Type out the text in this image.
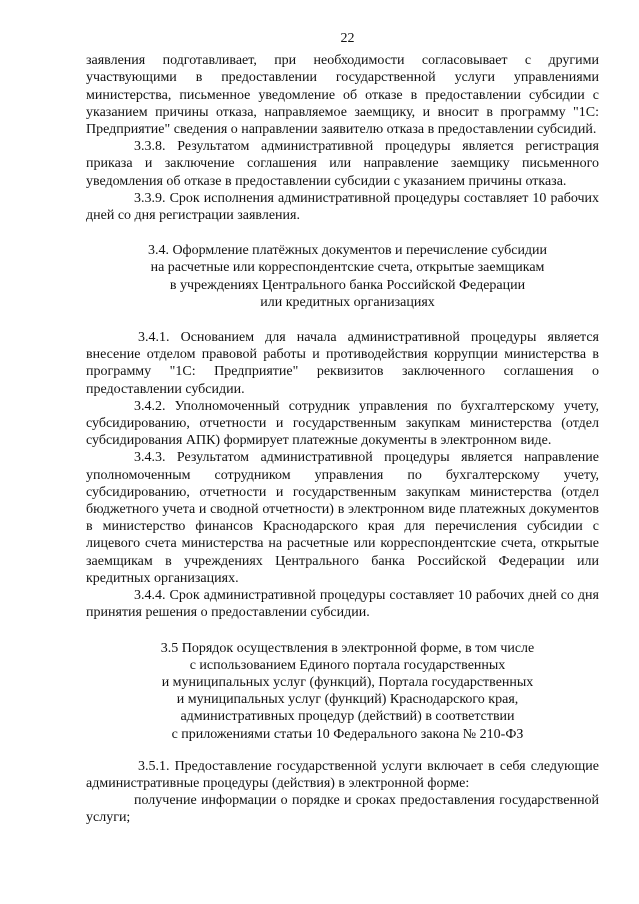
22

заявления подготавливает, при необходимости согласовывает с другими участвующими в предоставлении государственной услуги управлениями министерства, письменное уведомление об отказе в предоставлении субсидии с указанием причины отказа, направляемое заемщику, и вносит в программу "1С: Предприятие" сведения о направлении заявителю отказа в предоставлении субсидий.

3.3.8. Результатом административной процедуры является регистрация приказа и заключение соглашения или направление заемщику письменного уведомления об отказе в предоставлении субсидии с указанием причины отказа.

3.3.9. Срок исполнения административной процедуры составляет 10 рабочих дней со дня регистрации заявления.

3.4. Оформление платёжных документов и перечисление субсидии
на расчетные или корреспондентские счета, открытые заемщикам
в учреждениях Центрального банка Российской Федерации
или кредитных организациях

3.4.1. Основанием для начала административной процедуры является внесение отделом правовой работы и противодействия коррупции министерства в программу "1С: Предприятие" реквизитов заключенного соглашения о предоставлении субсидии.

3.4.2. Уполномоченный сотрудник управления по бухгалтерскому учету, субсидированию, отчетности и государственным закупкам министерства (отдел субсидирования АПК) формирует платежные документы в электронном виде.

3.4.3. Результатом административной процедуры является направление уполномоченным сотрудником управления по бухгалтерскому учету, субсидированию, отчетности и государственным закупкам министерства (отдел бюджетного учета и сводной отчетности) в электронном виде платежных документов в министерство финансов Краснодарского края для перечисления субсидии с лицевого счета министерства на расчетные или корреспондентские счета, открытые заемщикам в учреждениях Центрального банка Российской Федерации или кредитных организациях.

3.4.4. Срок административной процедуры составляет 10 рабочих дней со дня принятия решения о предоставлении субсидии.

3.5 Порядок осуществления в электронной форме, в том числе
с использованием Единого портала государственных
и муниципальных услуг (функций), Портала государственных
и муниципальных услуг (функций) Краснодарского края,
административных процедур (действий) в соответствии
с приложениями статьи 10 Федерального закона № 210-ФЗ

3.5.1. Предоставление государственной услуги включает в себя следующие административные процедуры (действия) в электронной форме:

получение информации о порядке и сроках предоставления государственной услуги;
